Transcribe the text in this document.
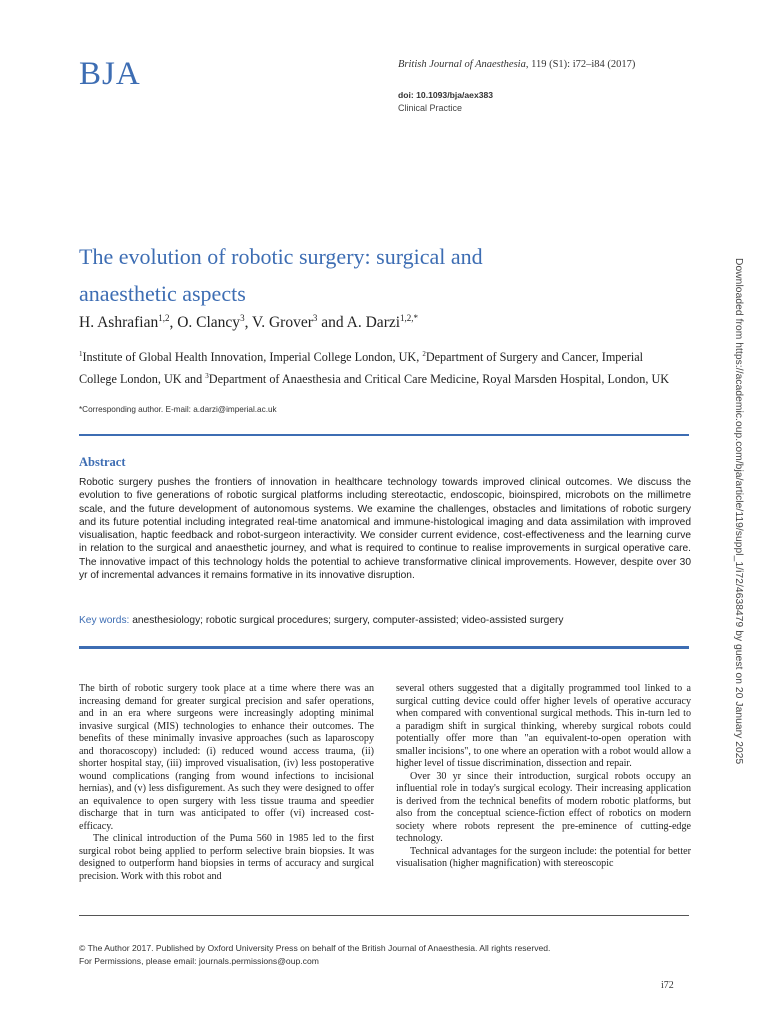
BJA	British Journal of Anaesthesia, 119 (S1): i72–i84 (2017)
doi: 10.1093/bja/aex383
Clinical Practice
The evolution of robotic surgery: surgical and
anaesthetic aspects
H. Ashrafian$^{1,2}$, O. Clancy$^3$, V. Grover$^3$ and A. Darzi$^{1,2,*}$
$^1$Institute of Global Health Innovation, Imperial College London, UK, $^2$Department of Surgery and Cancer, Imperial College London, UK and $^3$Department of Anaesthesia and Critical Care Medicine, Royal Marsden Hospital, London, UK
*Corresponding author. E-mail: a.darzi@imperial.ac.uk
Abstract
Robotic surgery pushes the frontiers of innovation in healthcare technology towards improved clinical outcomes. We discuss the evolution to five generations of robotic surgical platforms including stereotactic, endoscopic, bioinspired, microbots on the millimetre scale, and the future development of autonomous systems. We examine the challenges, obstacles and limitations of robotic surgery and its future potential including integrated real-time anatomical and immune-histological imaging and data assimilation with improved visualisation, haptic feedback and robot-surgeon interactivity. We consider current evidence, cost-effectiveness and the learning curve in relation to the surgical and anaesthetic journey, and what is required to continue to realise improvements in surgical operative care. The innovative impact of this technology holds the potential to achieve transformative clinical improvements. However, despite over 30 yr of incremental advances it remains formative in its innovative disruption.
Key words: anesthesiology; robotic surgical procedures; surgery, computer-assisted; video-assisted surgery

The birth of robotic surgery took place at a time where there was an increasing demand for greater surgical precision and safer operations, and in an era where surgeons were increasingly adopting minimal invasive surgical (MIS) technologies to enhance their outcomes. The benefits of these minimally invasive approaches (such as laparoscopy and thoracoscopy) included: (i) reduced wound access trauma, (ii) shorter hospital stay, (iii) improved visualisation, (iv) less postoperative wound complications (ranging from wound infections to incisional hernias), and (v) less disfigurement. As such they were designed to offer an equivalence to open surgery with less tissue trauma and speedier discharge that in turn was anticipated to offer (vi) increased cost-efficacy.

The clinical introduction of the Puma 560 in 1985 led to the first surgical robot being applied to perform selective brain biopsies. It was designed to outperform hand biopsies in terms of accuracy and surgical precision. Work with this robot and

several others suggested that a digitally programmed tool linked to a surgical cutting device could offer higher levels of operative accuracy when compared with conventional surgical methods. This in-turn led to a paradigm shift in surgical thinking, whereby surgical robots could potentially offer more than "an equivalent-to-open operation with smaller incisions", to one where an operation with a robot would allow a higher level of tissue discrimination, dissection and repair.

Over 30 yr since their introduction, surgical robots occupy an influential role in today's surgical ecology. Their increasing application is derived from the technical benefits of modern robotic platforms, but also from the conceptual science-fiction effect of robotics on modern society where robots represent the pre-eminence of cutting-edge technology.

Technical advantages for the surgeon include: the potential for better visualisation (higher magnification) with stereoscopic

© The Author 2017. Published by Oxford University Press on behalf of the British Journal of Anaesthesia. All rights reserved.
For Permissions, please email: journals.permissions@oup.com
i72
Downloaded from https://academic.oup.com/bja/article/119/suppl_1/i72/4638479 by guest on 20 January 2025
